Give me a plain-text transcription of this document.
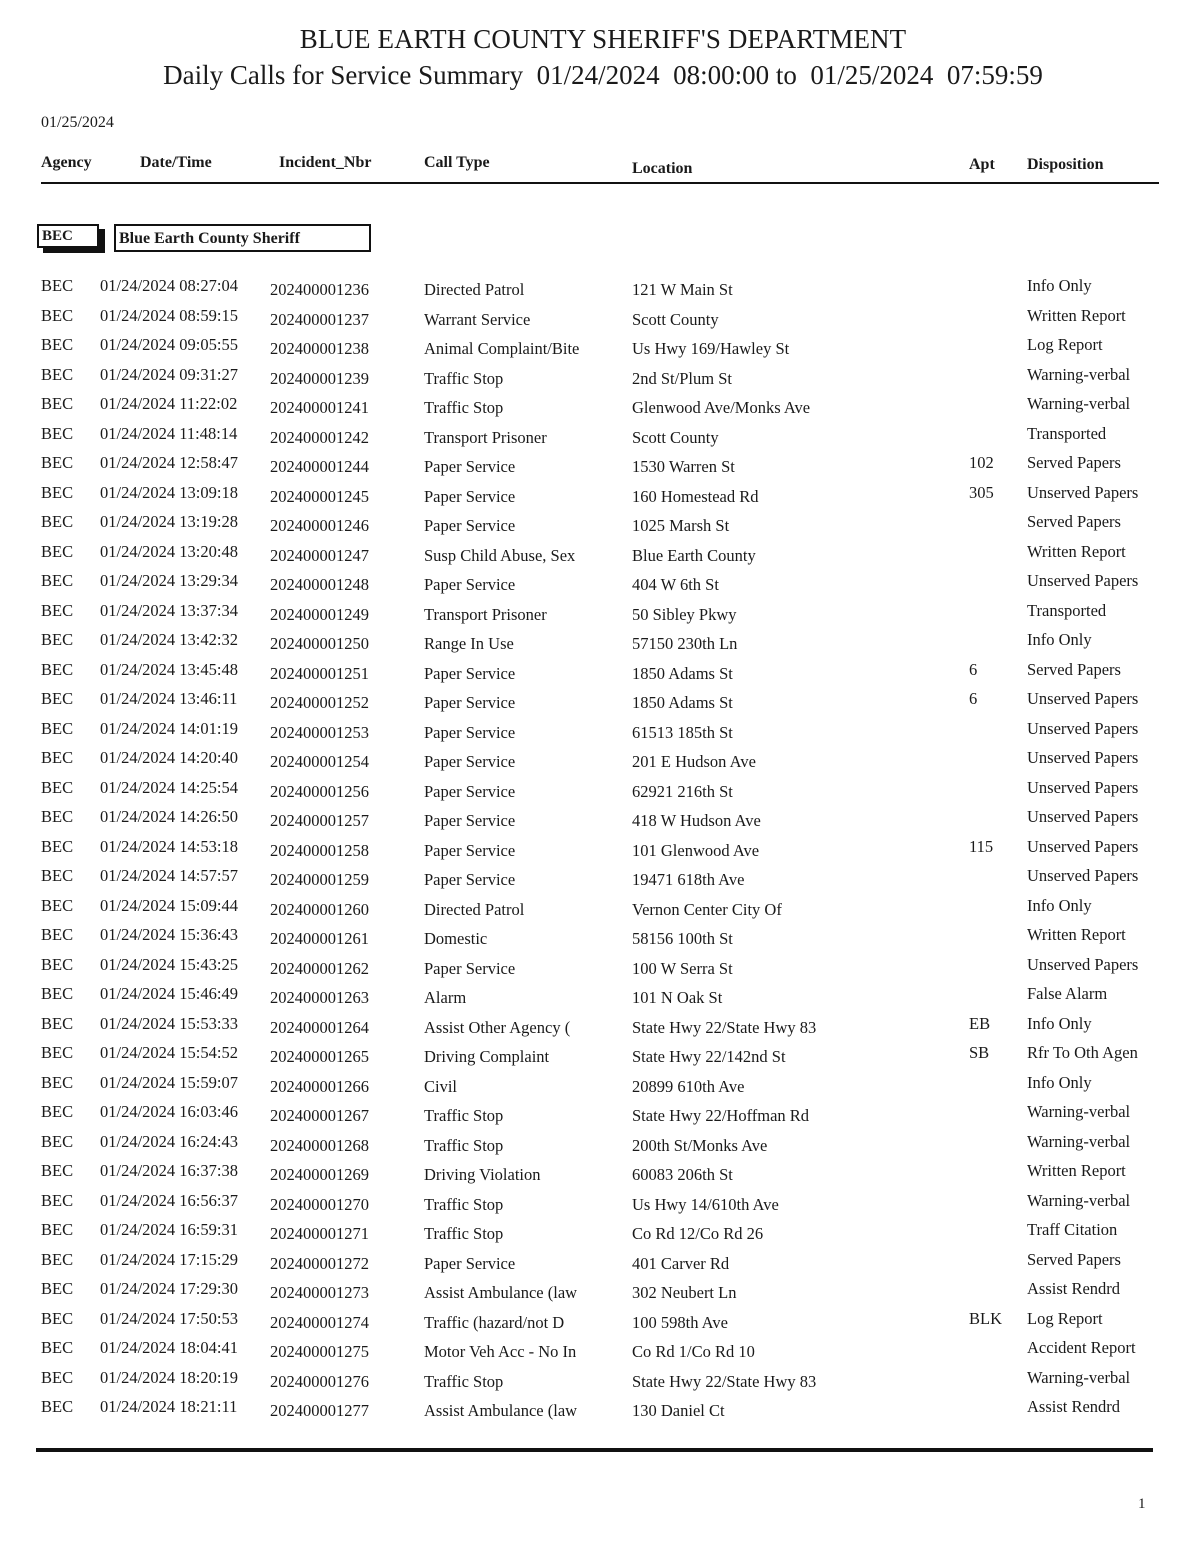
BLUE EARTH COUNTY SHERIFF'S DEPARTMENT
Daily Calls for Service Summary  01/24/2024  08:00:00 to  01/25/2024  07:59:59
01/25/2024
Agency	Date/Time	Incident_Nbr	Call Type	Location	Apt Disposition
BEC	Blue Earth County Sheriff
BEC 01/24/2024 08:27:04 202400001236	Directed Patrol	121 W Main St	Info Only
BEC 01/24/2024 08:59:15 202400001237	Warrant Service	Scott County	Written Report
BEC 01/24/2024 09:05:55 202400001238	Animal Complaint/Bite	Us Hwy 169/Hawley St	Log Report
BEC 01/24/2024 09:31:27 202400001239	Traffic Stop	2nd St/Plum St	Warning-verbal
BEC 01/24/2024 11:22:02 202400001241	Traffic Stop	Glenwood Ave/Monks Ave	Warning-verbal
BEC 01/24/2024 11:48:14 202400001242	Transport Prisoner	Scott County	Transported
BEC 01/24/2024 12:58:47 202400001244	Paper Service	1530 Warren St	102 Served Papers
BEC 01/24/2024 13:09:18 202400001245	Paper Service	160 Homestead Rd	305 Unserved Papers
BEC 01/24/2024 13:19:28 202400001246	Paper Service	1025 Marsh St	Served Papers
BEC 01/24/2024 13:20:48 202400001247	Susp Child Abuse, Sex	Blue Earth County	Written Report
BEC 01/24/2024 13:29:34 202400001248	Paper Service	404 W 6th St	Unserved Papers
BEC 01/24/2024 13:37:34 202400001249	Transport Prisoner	50 Sibley Pkwy	Transported
BEC 01/24/2024 13:42:32 202400001250	Range In Use	57150 230th Ln	Info Only
BEC 01/24/2024 13:45:48 202400001251	Paper Service	1850 Adams St	6	Served Papers
BEC 01/24/2024 13:46:11 202400001252	Paper Service	1850 Adams St	6	Unserved Papers
BEC 01/24/2024 14:01:19 202400001253	Paper Service	61513 185th St	Unserved Papers
BEC 01/24/2024 14:20:40 202400001254	Paper Service	201 E Hudson Ave	Unserved Papers
BEC 01/24/2024 14:25:54 202400001256	Paper Service	62921 216th St	Unserved Papers
BEC 01/24/2024 14:26:50 202400001257	Paper Service	418 W Hudson Ave	Unserved Papers
BEC 01/24/2024 14:53:18 202400001258	Paper Service	101 Glenwood Ave	115 Unserved Papers
BEC 01/24/2024 14:57:57 202400001259	Paper Service	19471 618th Ave	Unserved Papers
BEC 01/24/2024 15:09:44 202400001260	Directed Patrol	Vernon Center City Of	Info Only
BEC 01/24/2024 15:36:43 202400001261	Domestic	58156 100th St	Written Report
BEC 01/24/2024 15:43:25 202400001262	Paper Service	100 W Serra St	Unserved Papers
BEC 01/24/2024 15:46:49 202400001263	Alarm	101 N Oak St	False Alarm
BEC 01/24/2024 15:53:33 202400001264	Assist Other Agency (	State Hwy 22/State Hwy 83	EB Info Only
BEC 01/24/2024 15:54:52 202400001265	Driving Complaint	State Hwy 22/142nd St	SB Rfr To Oth Agen
BEC 01/24/2024 15:59:07 202400001266	Civil	20899 610th Ave	Info Only
BEC 01/24/2024 16:03:46 202400001267	Traffic Stop	State Hwy 22/Hoffman Rd	Warning-verbal
BEC 01/24/2024 16:24:43 202400001268	Traffic Stop	200th St/Monks Ave	Warning-verbal
BEC 01/24/2024 16:37:38 202400001269	Driving Violation	60083 206th St	Written Report
BEC 01/24/2024 16:56:37 202400001270	Traffic Stop	Us Hwy 14/610th Ave	Warning-verbal
BEC 01/24/2024 16:59:31 202400001271	Traffic Stop	Co Rd 12/Co Rd 26	Traff Citation
BEC 01/24/2024 17:15:29 202400001272	Paper Service	401 Carver Rd	Served Papers
BEC 01/24/2024 17:29:30 202400001273	Assist Ambulance (law	302 Neubert Ln	Assist Rendrd
BEC 01/24/2024 17:50:53 202400001274	Traffic (hazard/not D	100 598th Ave	BLK Log Report
BEC 01/24/2024 18:04:41 202400001275	Motor Veh Acc - No In	Co Rd 1/Co Rd 10	Accident Report
BEC 01/24/2024 18:20:19 202400001276	Traffic Stop	State Hwy 22/State Hwy 83	Warning-verbal
BEC 01/24/2024 18:21:11 202400001277	Assist Ambulance (law	130 Daniel Ct	Assist Rendrd
1
